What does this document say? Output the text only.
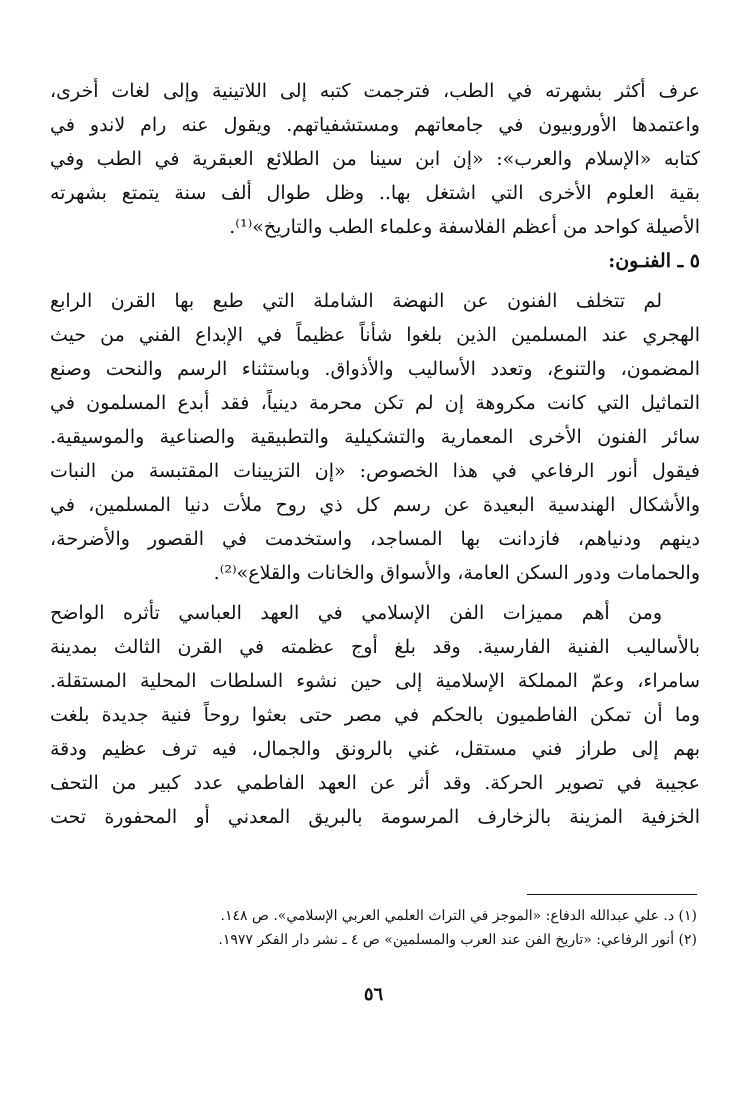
عرف أكثر بشهرته في الطب، فترجمت كتبه إلى اللاتينية وإلى لغات أخرى،
واعتمدها الأوروبيون في جامعاتهم ومستشفياتهم. ويقول عنه رام لاندو في
كتابه «الإسلام والعرب»: «إن ابن سينا من الطلائع العبقرية في الطب وفي
بقية العلوم الأخرى التي اشتغل بها.. وظل طوال ألف سنة يتمتع بشهرته
الأصيلة كواحد من أعظم الفلاسفة وعلماء الطب والتاريخ»⁽¹⁾.
٥ ـ الفنـون:
لم تتخلف الفنون عن النهضة الشاملة التي طبع بها القرن الرابع
الهجري عند المسلمين الذين بلغوا شأناً عظيماً في الإبداع الفني من حيث
المضمون، والتنوع، وتعدد الأساليب والأذواق. وباستثناء الرسم والنحت وصنع
التماثيل التي كانت مكروهة إن لم تكن محرمة دينياً، فقد أبدع المسلمون في
سائر الفنون الأخرى المعمارية والتشكيلية والتطبيقية والصناعية والموسيقية.
فيقول أنور الرفاعي في هذا الخصوص: «إن التزيينات المقتبسة من النبات
والأشكال الهندسية البعيدة عن رسم كل ذي روح ملأت دنيا المسلمين، في
دينهم ودنياهم، فازدانت بها المساجد، واستخدمت في القصور والأضرحة،
والحمامات ودور السكن العامة، والأسواق والخانات والقلاع»⁽²⁾.
ومن أهم مميزات الفن الإسلامي في العهد العباسي تأثره الواضح
بالأساليب الفنية الفارسية. وقد بلغ أوج عظمته في القرن الثالث بمدينة
سامراء، وعمّ المملكة الإسلامية إلى حين نشوء السلطات المحلية المستقلة.
وما أن تمكن الفاطميون بالحكم في مصر حتى بعثوا روحاً فنية جديدة بلغت
بهم إلى طراز فني مستقل، غني بالرونق والجمال، فيه ترف عظيم ودقة
عجيبة في تصوير الحركة. وقد أثر عن العهد الفاطمي عدد كبير من التحف
الخزفية المزينة بالزخارف المرسومة بالبريق المعدني أو المحفورة تحت
(١) د. علي عبدالله الدفاع: «الموجز في التراث العلمي العربي الإسلامي». ص ١٤٨.
(٢) أنور الرفاعي: «تاريخ الفن عند العرب والمسلمين» ص ٤ ـ نشر دار الفكر ١٩٧٧.
٥٦
